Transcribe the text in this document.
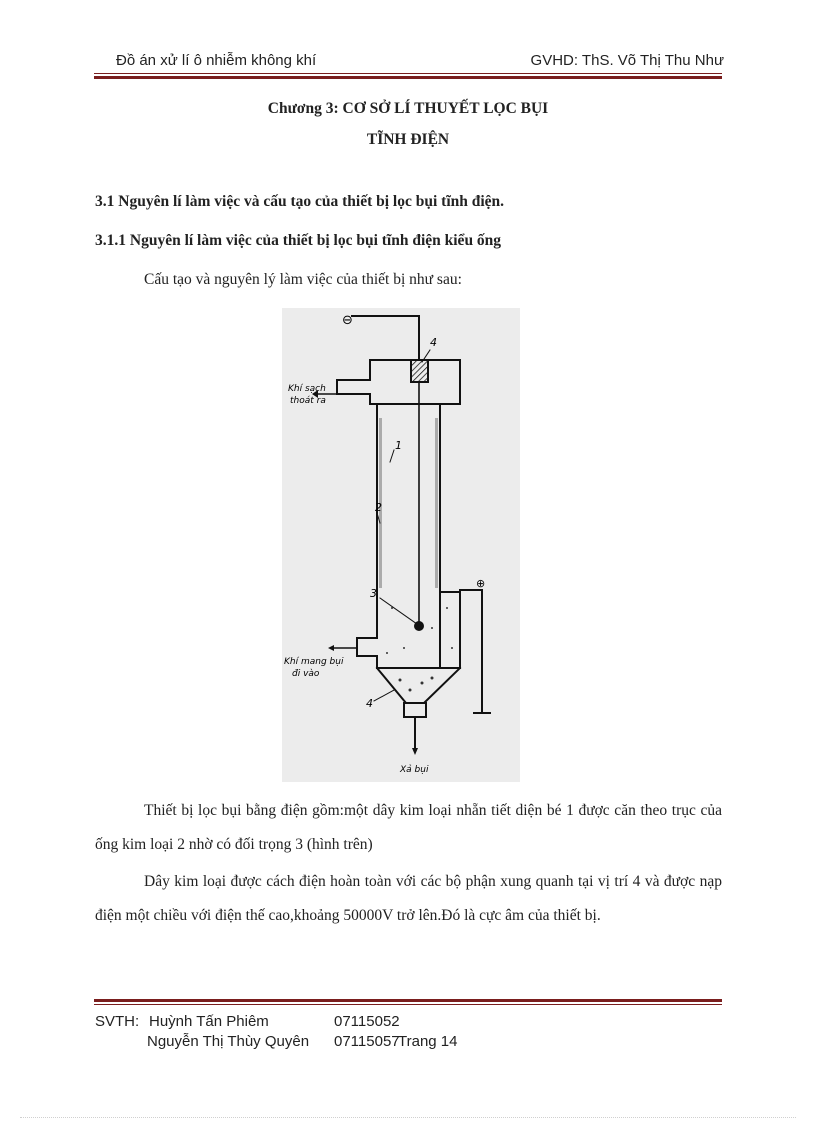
Đồ án xử lí ô nhiễm không khí	GVHD: ThS. Võ Thị Thu Như
Chương 3: CƠ SỞ LÍ THUYẾT LỌC BỤI
TĨNH ĐIỆN
3.1 Nguyên lí làm việc và cấu tạo của thiết bị lọc bụi tĩnh điện.
3.1.1 Nguyên lí làm việc của thiết bị lọc bụi tĩnh điện kiểu ống
Cấu tạo và nguyên lý làm việc của thiết bị như sau:
⊖
⊕
4
1
2
3
4
Khí sạch
thoát ra
Khí mang bụi
đi vào
Xả bụi
Thiết bị lọc bụi bằng điện gồm:một dây kim loại nhẵn tiết diện bé 1 được căn theo trục của ống kim loại 2 nhờ có đối trọng 3 (hình trên)
Dây kim loại được cách điện hoàn toàn với các bộ phận xung quanh tại vị trí 4 và được nạp điện một chiều với điện thế cao,khoảng 50000V trở lên.Đó là cực âm của thiết bị.
SVTH: Huỳnh Tấn Phiêm	07115052
Nguyễn Thị Thùy Quyên 07115057
Trang 14
